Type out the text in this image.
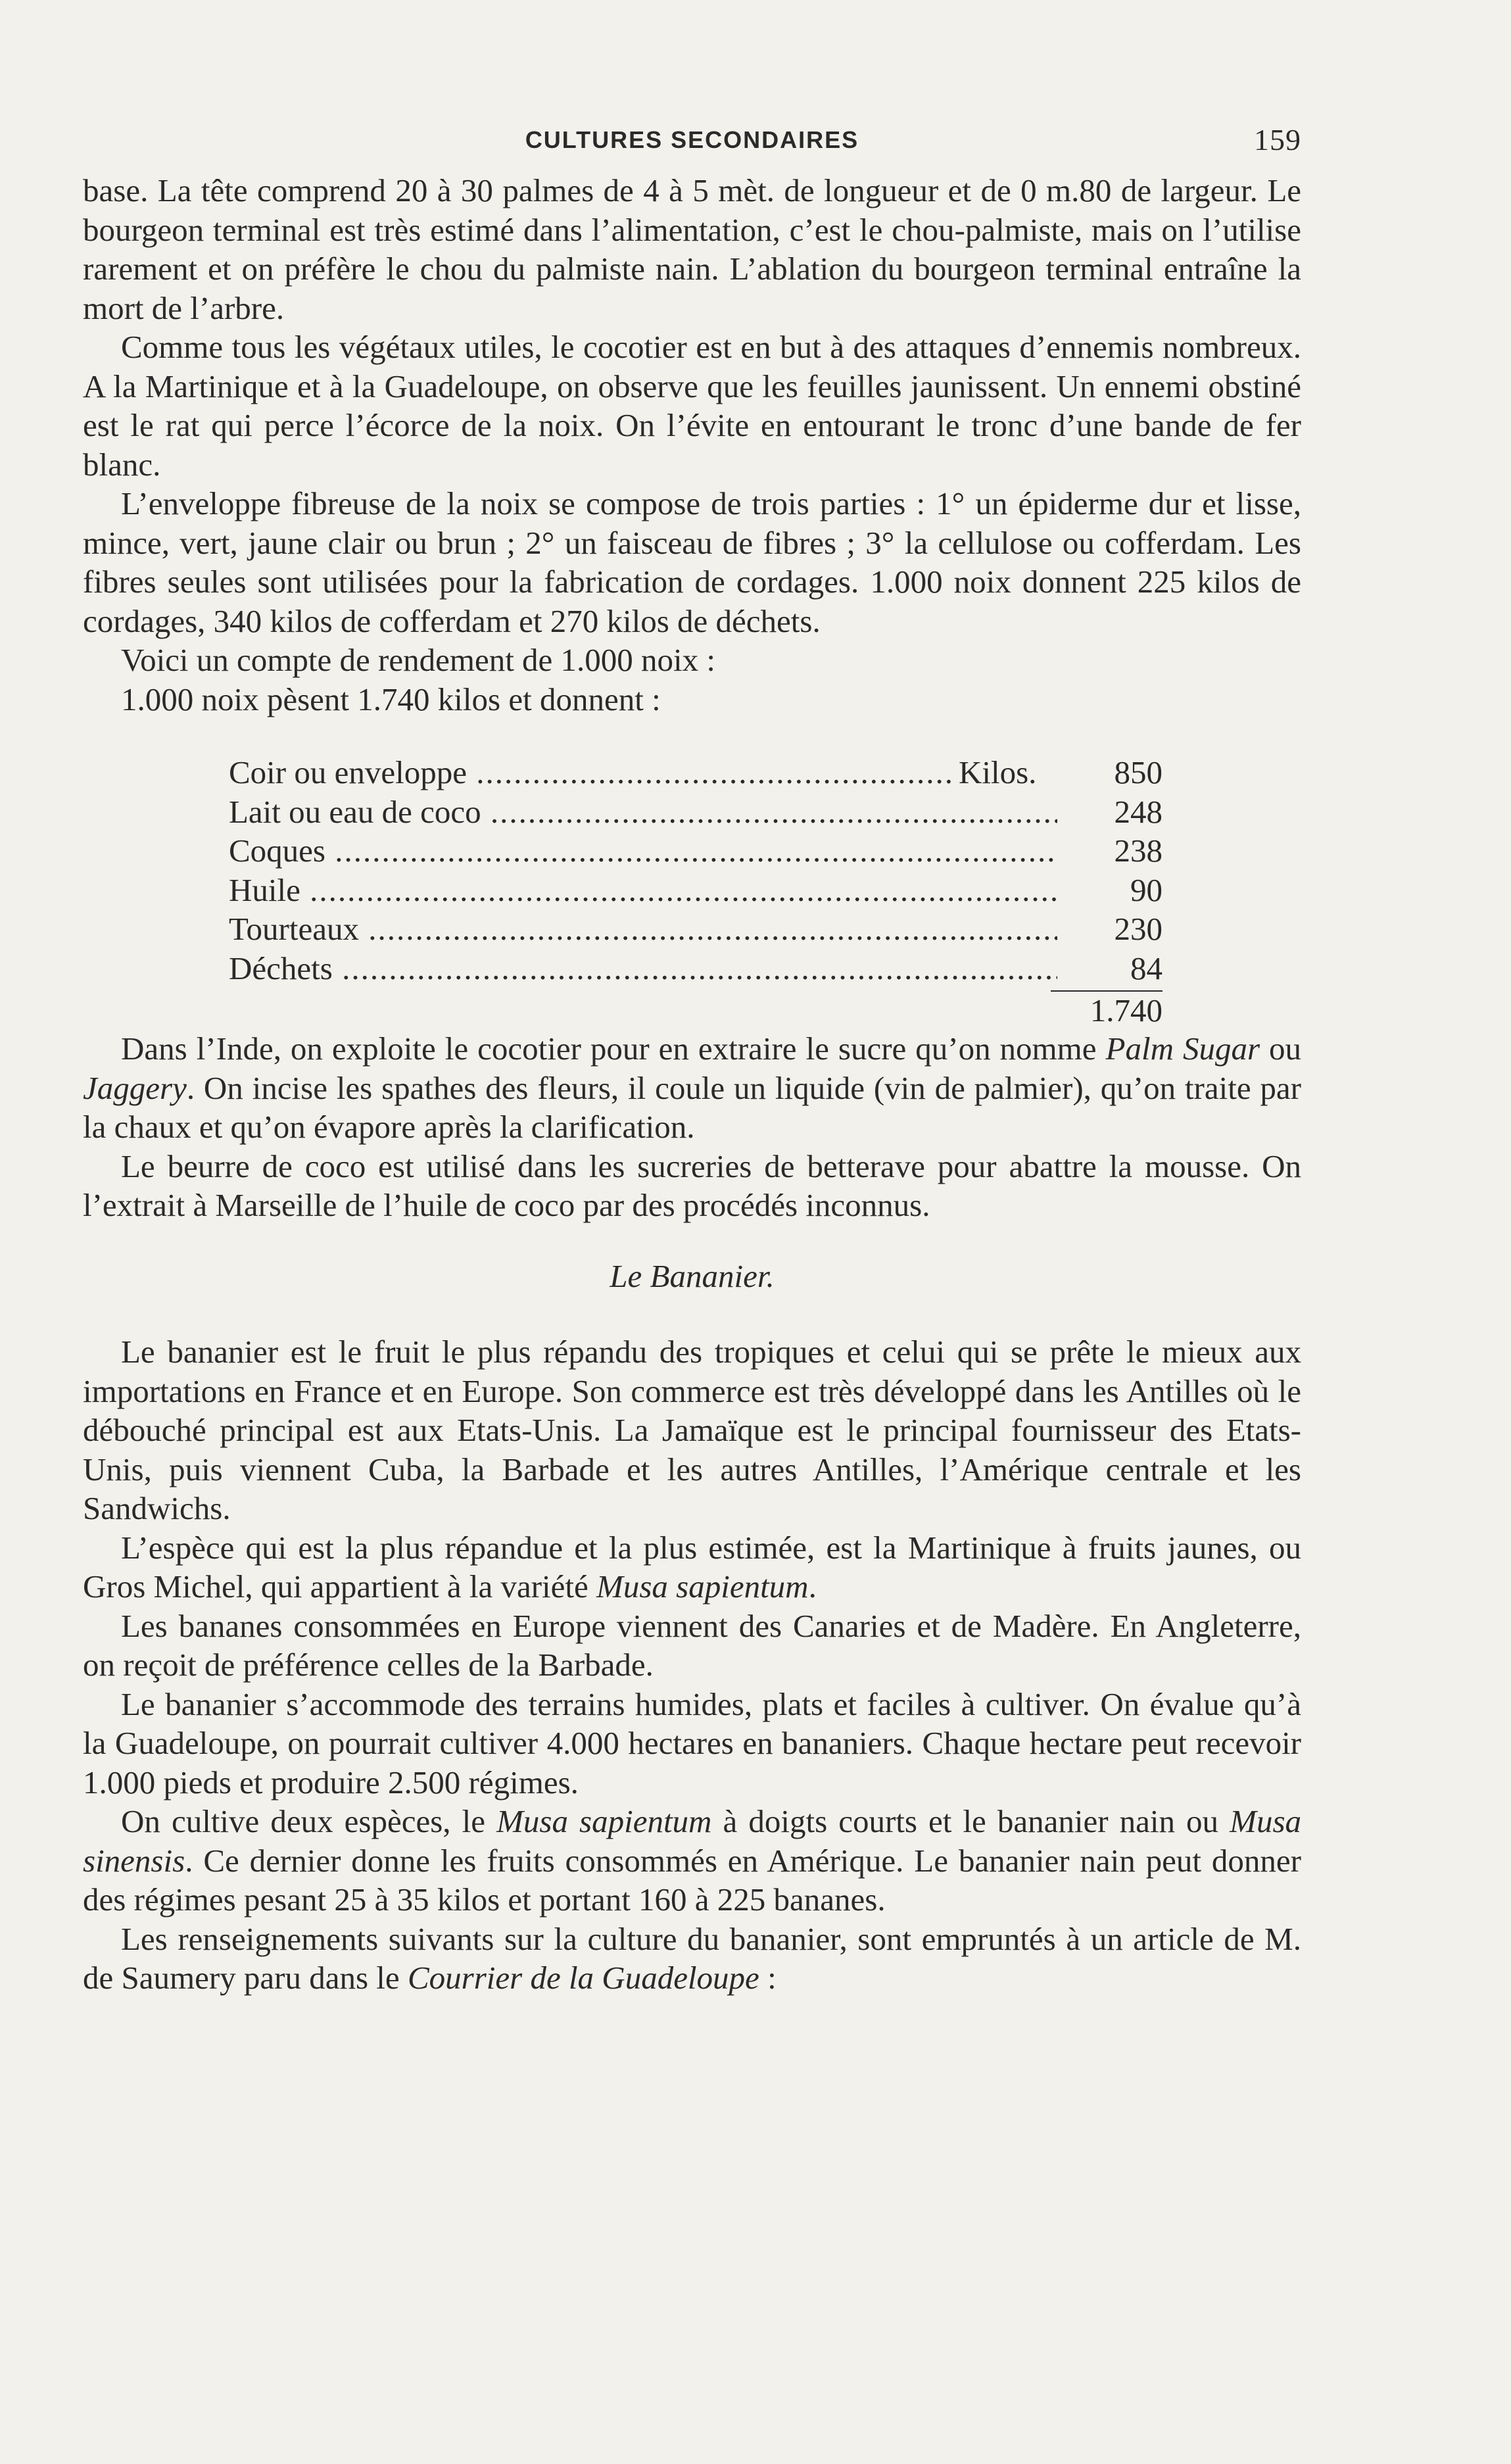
CULTURES SECONDAIRES	159

base. La tête comprend 20 à 30 palmes de 4 à 5 mèt. de longueur et de 0 m.80 de largeur. Le bourgeon terminal est très estimé dans l’alimentation, c’est le chou-palmiste, mais on l’utilise rarement et on préfère le chou du palmiste nain. L’ablation du bourgeon terminal entraîne la mort de l’arbre.

Comme tous les végétaux utiles, le cocotier est en but à des attaques d’ennemis nombreux. A la Martinique et à la Guadeloupe, on observe que les feuilles jaunissent. Un ennemi obstiné est le rat qui perce l’écorce de la noix. On l’évite en entourant le tronc d’une bande de fer blanc.

L’enveloppe fibreuse de la noix se compose de trois parties : 1° un épiderme dur et lisse, mince, vert, jaune clair ou brun ; 2° un faisceau de fibres ; 3° la cellulose ou cofferdam. Les fibres seules sont utilisées pour la fabrication de cordages. 1.000 noix donnent 225 kilos de cordages, 340 kilos de cofferdam et 270 kilos de déchets.

Voici un compte de rendement de 1.000 noix :

1.000 noix pèsent 1.740 kilos et donnent :

Coir ou enveloppe .....	Kilos.	850
Lait ou eau de coco .....	248
Coques .....	238
Huile .....	90
Tourteaux .....	230
Déchets .....	84
1.740

Dans l’Inde, on exploite le cocotier pour en extraire le sucre qu’on nomme Palm Sugar ou Jaggery. On incise les spathes des fleurs, il coule un liquide (vin de palmier), qu’on traite par la chaux et qu’on évapore après la clarification.

Le beurre de coco est utilisé dans les sucreries de betterave pour abattre la mousse. On l’extrait à Marseille de l’huile de coco par des procédés inconnus.

Le Bananier.

Le bananier est le fruit le plus répandu des tropiques et celui qui se prête le mieux aux importations en France et en Europe. Son commerce est très développé dans les Antilles où le débouché principal est aux Etats-Unis. La Jamaïque est le principal fournisseur des Etats-Unis, puis viennent Cuba, la Barbade et les autres Antilles, l’Amérique centrale et les Sandwichs.

L’espèce qui est la plus répandue et la plus estimée, est la Martinique à fruits jaunes, ou Gros Michel, qui appartient à la variété Musa sapientum.

Les bananes consommées en Europe viennent des Canaries et de Madère. En Angleterre, on reçoit de préférence celles de la Barbade.

Le bananier s’accommode des terrains humides, plats et faciles à cultiver. On évalue qu’à la Guadeloupe, on pourrait cultiver 4.000 hectares en bananiers. Chaque hectare peut recevoir 1.000 pieds et produire 2.500 régimes.

On cultive deux espèces, le Musa sapientum à doigts courts et le bananier nain ou Musa sinensis. Ce dernier donne les fruits consommés en Amérique. Le bananier nain peut donner des régimes pesant 25 à 35 kilos et portant 160 à 225 bananes.

Les renseignements suivants sur la culture du bananier, sont empruntés à un article de M. de Saumery paru dans le Courrier de la Guadeloupe :
